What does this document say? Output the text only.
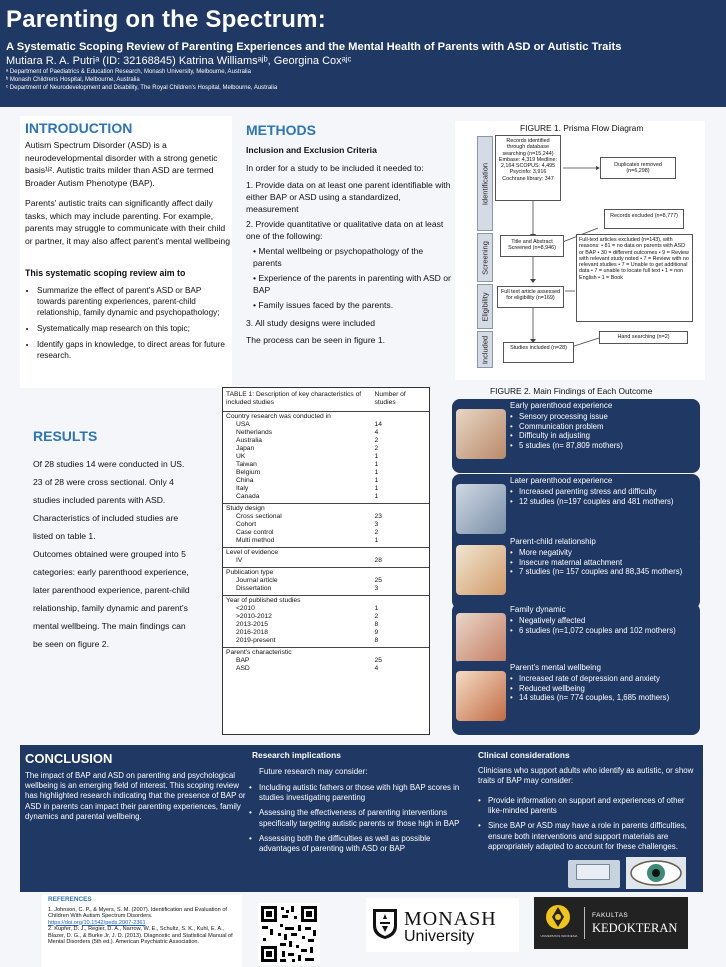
Parenting on the Spectrum:
A Systematic Scoping Review of Parenting Experiences and the Mental Health of Parents with ASD or Autistic Traits
Mutiara R. A. Putriᵃ (ID: 32168845) Katrina Williamsᵃʲᵇ, Georgina Coxᵃʲᶜ
ᵃ Department of Paediatrics & Education Research, Monash University, Melbourne, Australia
ᵇ Monash Childrens Hospital, Melbourne, Australia
ᶜ Department of Neurodevelopment and Disability, The Royal Children's Hospital, Melbourne, Australia
INTRODUCTION
Autism Spectrum Disorder (ASD) is a neurodevelopmental disorder with a strong genetic basis¹ʲ². Autistic traits milder than ASD are termed Broader Autism Phenotype (BAP).
Parents' autistic traits can significantly affect daily tasks, which may include parenting. For example, parents may struggle to communicate with their child or partner, it may also affect parent's mental wellbeing
This systematic scoping review aim to
• Summarize the effect of parent's ASD or BAP towards parenting experiences, parent-child relationship, family dynamic and psychopathology;
• Systematically map research on this topic;
• Identify gaps in knowledge, to direct areas for future research.
METHODS
Inclusion and Exclusion Criteria
In order for a study to be included it needed to:
1. Provide data on at least one parent identifiable with either BAP or ASD using a standardized, measurement
2. Provide quantitative or qualitative data on at least one of the following:
• Mental wellbeing or psychopathology of the parents
• Experience of the parents in parenting with ASD or BAP
• Family issues faced by the parents.
3. All study designs were included
The process can be seen in figure 1.
FIGURE 1. Prisma Flow Diagram
Identification
Screening
Eligibility
Included
Records identified through database searching (n=15,244) Embase: 4,319 Medline: 2,164 SCOPUS: 4,495 Psycinfo: 3,916 Cochrane library: 347
Duplicates removed (n=6,298)
Title and Abstract Screened (n=8,946)
Records excluded (n=8,777)
Full-text articles excluded (n=143), with reasons: • 81 = no data on parents with ASD or BAP • 30 = different outcomes • 9 = Review with relevant study noted • 7 = Review with no relevant studies • 7 = Unable to get additional data • 7 = unable to locate full text • 1 = non English • 1 = Book
Full text article assessed for eligibility (n=169)
Hand searching (n=2)
Studies included (n=28)
RESULTS
Of 28 studies 14 were conducted in US. 23 of 28 were cross sectional. Only 4 studies included parents with ASD. Characteristics of included studies are listed on table 1.
Outcomes obtained were grouped into 5 categories: early parenthood experience, later parenthood experience, parent-child relationship, family dynamic and parent's mental wellbeing. The main findings can be seen on figure 2.
TABLE 1: Description of key characteristics of included studies
Number of studies
Country research was conducted in
USA	14
Netherlands	4
Australia	2
Japan	2
UK	1
Taiwan	1
Belgium	1
China	1
Italy	1
Canada	1
Study design
Cross sectional	23
Cohort	3
Case control	2
Multi method	1
Level of evidence
IV	28
Publication type
Journal article	25
Dissertation	3
Year of published studies
<2010	1
>2010-2012	2
2013-2015	8
2016-2018	9
2019-present	8
Parent's characteristic
BAP	25
ASD	4
FIGURE 2. Main Findings of Each Outcome
Early parenthood experience
• Sensory processing issue
• Communication problem
• Difficulty in adjusting
• 5 studies (n= 87,809 mothers)
Later parenthood experience
• Increased parenting stress and difficulty
• 12 studies (n=197 couples and 481 mothers)
Parent-child relationship
• More negativity
• Insecure maternal attachment
• 7 studies (n= 157 couples and 88,345 mothers)
Family dynamic
• Negatively affected
• 6 studies (n=1,072 couples and 102 mothers)
Parent's mental wellbeing
• Increased rate of depression and anxiety
• Reduced wellbeing
• 14 studies (n= 774 couples, 1,685 mothers)
CONCLUSION
The impact of BAP and ASD on parenting and psychological wellbeing is an emerging field of interest. This scoping review has highlighted research indicating that the presence of BAP or ASD in parents can impact their parenting experiences, family dynamics and parental wellbeing.
Research implications
Future research may consider:
• Including autistic fathers or those with high BAP scores in studies investigating parenting
• Assessing the effectiveness of parenting interventions specifically targeting autistic parents or those high in BAP
• Assessing both the difficulties as well as possible advantages of parenting with ASD or BAP
Clinical considerations
Clinicians who support adults who identify as autistic, or show traits of BAP may consider:
• Provide information on support and experiences of other like-minded parents
• Since BAP or ASD may have a role in parents difficulties, ensure both interventions and support materials are appropriately adapted to account for these challenges.
REFERENCES
1. Johnson, C. P., & Myers, S. M. (2007). Identification and Evaluation of Children With Autism Spectrum Disorders.
https://doi.org/10.1542/peds.2007-2361
2. Kupfer, D. J., Regier, D. A., Narrow, W. E., Schultz, S. K., Kuhl, E. A., Blazer, D. G., & Burke Jr, J. D. (2013). Diagnostic and Statistical Manual of Mental Disorders (5th ed.). American Psychiatric Association.
MONASH
University	UNIVERSITAS INDONESIA
FAKULTAS
KEDOKTERAN
